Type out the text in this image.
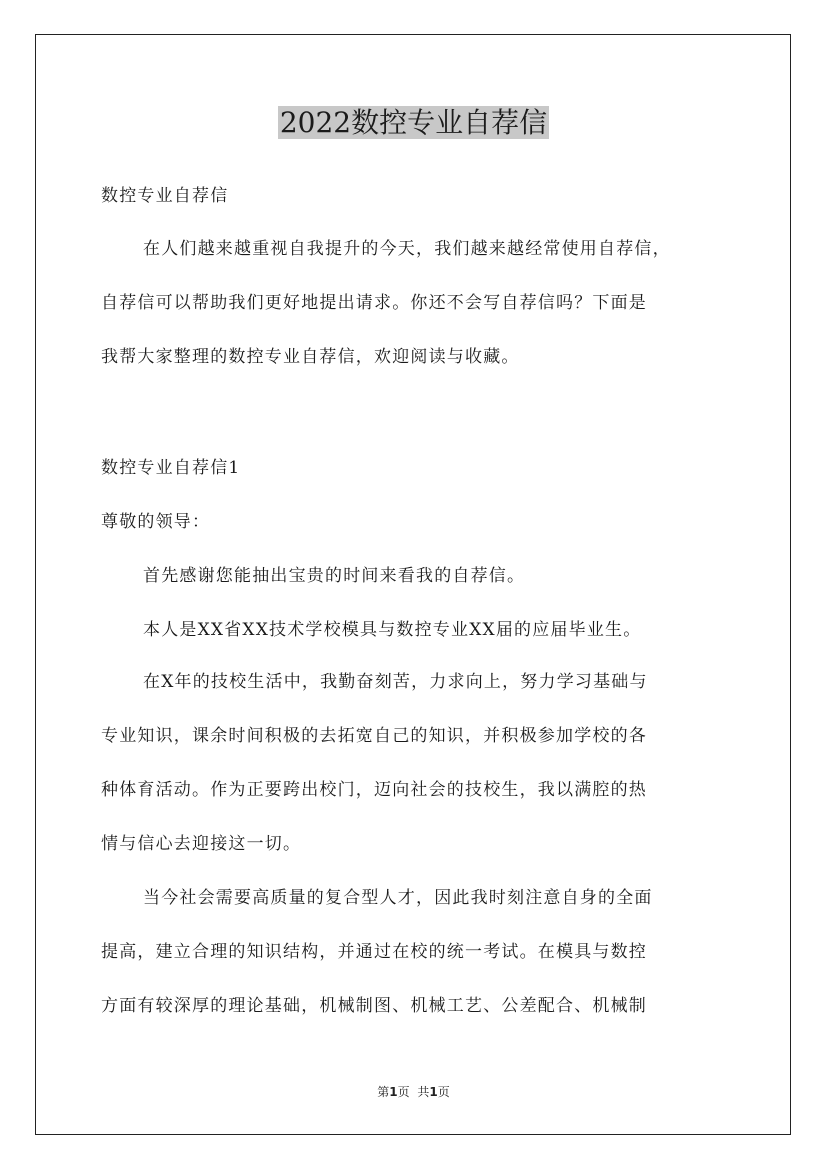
2022数控专业自荐信

数控专业自荐信

在人们越来越重视自我提升的今天，我们越来越经常使用自荐信，
自荐信可以帮助我们更好地提出请求。你还不会写自荐信吗？下面是
我帮大家整理的数控专业自荐信，欢迎阅读与收藏。

数控专业自荐信1

尊敬的领导：

首先感谢您能抽出宝贵的时间来看我的自荐信。

本人是XX省XX技术学校模具与数控专业XX届的应届毕业生。

在X年的技校生活中，我勤奋刻苦，力求向上，努力学习基础与
专业知识，课余时间积极的去拓宽自己的知识，并积极参加学校的各
种体育活动。作为正要跨出校门，迈向社会的技校生，我以满腔的热
情与信心去迎接这一切。

当今社会需要高质量的复合型人才，因此我时刻注意自身的全面
提高，建立合理的知识结构，并通过在校的统一考试。在模具与数控
方面有较深厚的理论基础，机械制图、机械工艺、公差配合、机械制

第1页 共1页
